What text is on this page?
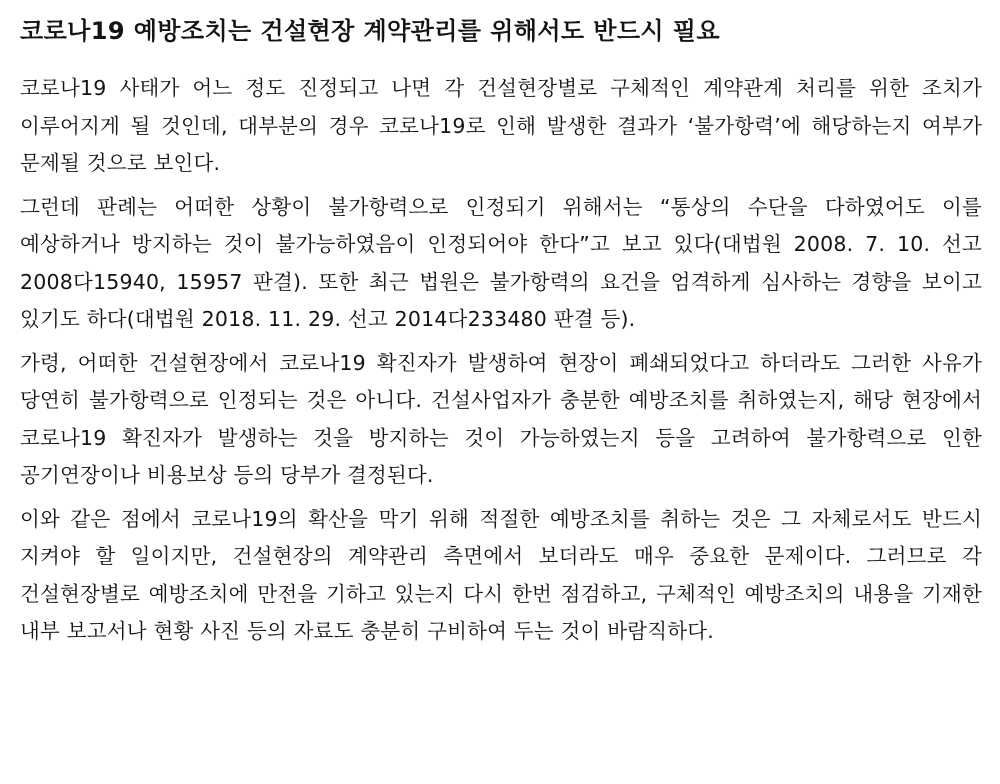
코로나19 예방조치는 건설현장 계약관리를 위해서도 반드시 필요

코로나19 사태가 어느 정도 진정되고 나면 각 건설현장별로 구체적인 계약관계 처리를 위한 조치가 이루어지게 될 것인데, 대부분의 경우 코로나19로 인해 발생한 결과가 ‘불가항력’에 해당하는지 여부가 문제될 것으로 보인다.

그런데 판례는 어떠한 상황이 불가항력으로 인정되기 위해서는 “통상의 수단을 다하였어도 이를 예상하거나 방지하는 것이 불가능하였음이 인정되어야 한다”고 보고 있다(대법원 2008. 7. 10. 선고 2008다15940, 15957 판결). 또한 최근 법원은 불가항력의 요건을 엄격하게 심사하는 경향을 보이고 있기도 하다(대법원 2018. 11. 29. 선고 2014다233480 판결 등).

가령, 어떠한 건설현장에서 코로나19 확진자가 발생하여 현장이 폐쇄되었다고 하더라도 그러한 사유가 당연히 불가항력으로 인정되는 것은 아니다. 건설사업자가 충분한 예방조치를 취하였는지, 해당 현장에서 코로나19 확진자가 발생하는 것을 방지하는 것이 가능하였는지 등을 고려하여 불가항력으로 인한 공기연장이나 비용보상 등의 당부가 결정된다.

이와 같은 점에서 코로나19의 확산을 막기 위해 적절한 예방조치를 취하는 것은 그 자체로서도 반드시 지켜야 할 일이지만, 건설현장의 계약관리 측면에서 보더라도 매우 중요한 문제이다. 그러므로 각 건설현장별로 예방조치에 만전을 기하고 있는지 다시 한번 점검하고, 구체적인 예방조치의 내용을 기재한 내부 보고서나 현황 사진 등의 자료도 충분히 구비하여 두는 것이 바람직하다.
